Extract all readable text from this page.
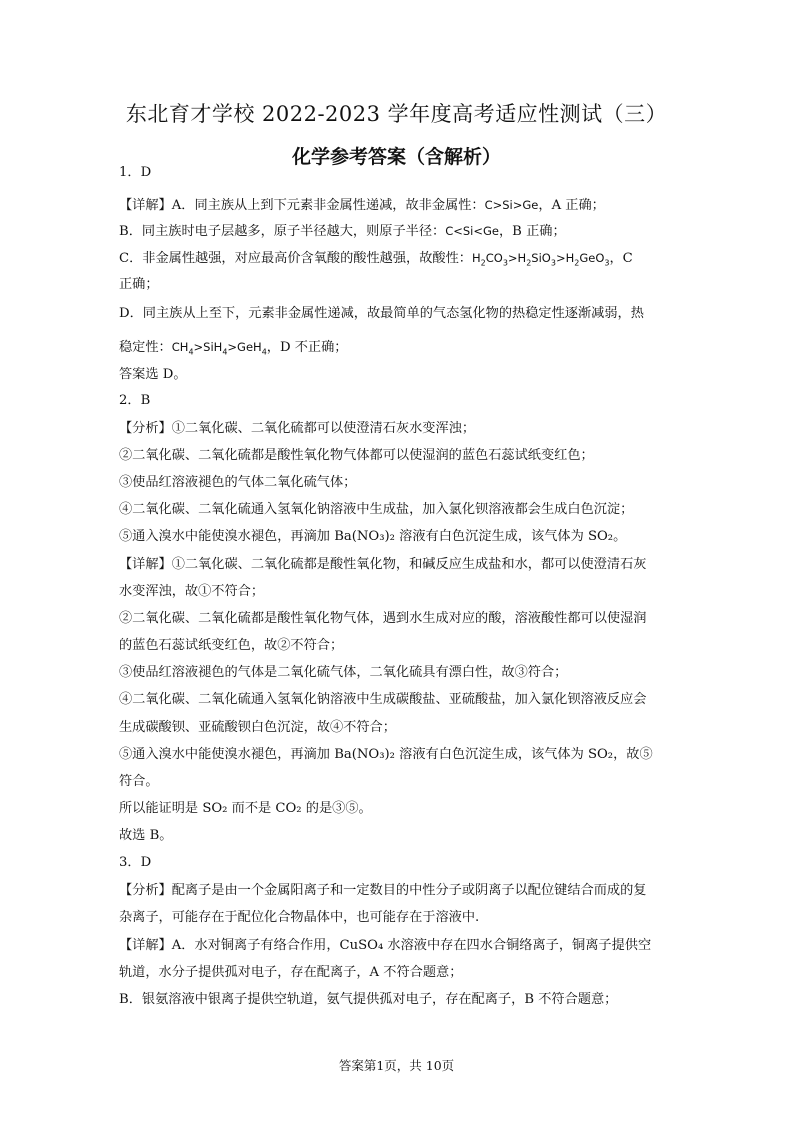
东北育才学校 2022-2023 学年度高考适应性测试（三）
化学参考答案（含解析）
1．D
【详解】A．同主族从上到下元素非金属性递减，故非金属性：C>Si>Ge，A 正确；
B．同主族时电子层越多，原子半径越大，则原子半径：C<Si<Ge，B 正确；
C．非金属性越强，对应最高价含氧酸的酸性越强，故酸性：$H_2CO_3>H_2SiO_3>H_2GeO_3$，C
正确；
D．同主族从上至下，元素非金属性递减，故最简单的气态氢化物的热稳定性逐渐减弱，热
稳定性：$CH_4>SiH_4>GeH_4$，D 不正确；
答案选 D。
2．B
【分析】①二氧化碳、二氧化硫都可以使澄清石灰水变浑浊；
②二氧化碳、二氧化硫都是酸性氧化物气体都可以使湿润的蓝色石蕊试纸变红色；
③使品红溶液褪色的气体二氧化硫气体；
④二氧化碳、二氧化硫通入氢氧化钠溶液中生成盐，加入氯化钡溶液都会生成白色沉淀；
⑤通入溴水中能使溴水褪色，再滴加 Ba(NO₃)₂ 溶液有白色沉淀生成，该气体为 SO₂。
【详解】①二氧化碳、二氧化硫都是酸性氧化物，和碱反应生成盐和水，都可以使澄清石灰
水变浑浊，故①不符合；
②二氧化碳、二氧化硫都是酸性氧化物气体，遇到水生成对应的酸，溶液酸性都可以使湿润
的蓝色石蕊试纸变红色，故②不符合；
③使品红溶液褪色的气体是二氧化硫气体，二氧化硫具有漂白性，故③符合；
④二氧化碳、二氧化硫通入氢氧化钠溶液中生成碳酸盐、亚硫酸盐，加入氯化钡溶液反应会
生成碳酸钡、亚硫酸钡白色沉淀，故④不符合；
⑤通入溴水中能使溴水褪色，再滴加 Ba(NO₃)₂ 溶液有白色沉淀生成，该气体为 SO₂，故⑤
符合。
所以能证明是 SO₂ 而不是 CO₂ 的是③⑤。
故选 B。
3．D
【分析】配离子是由一个金属阳离子和一定数目的中性分子或阴离子以配位键结合而成的复
杂离子，可能存在于配位化合物晶体中，也可能存在于溶液中.
【详解】A．水对铜离子有络合作用，CuSO₄ 水溶液中存在四水合铜络离子，铜离子提供空
轨道，水分子提供孤对电子，存在配离子，A 不符合题意；
B．银氨溶液中银离子提供空轨道，氨气提供孤对电子，存在配离子，B 不符合题意；
答案第1页，共 10页
